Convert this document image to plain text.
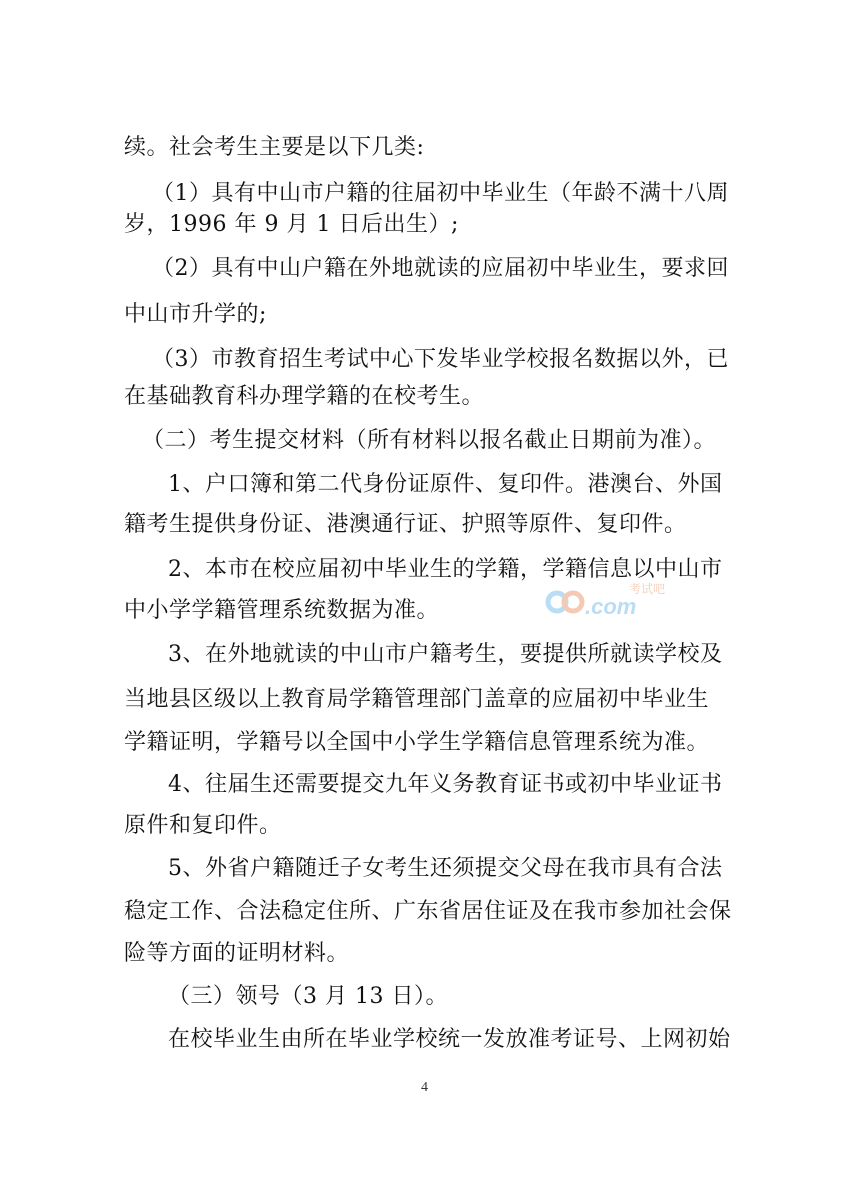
续。社会考生主要是以下几类:
（1）具有中山市户籍的往届初中毕业生（年龄不满十八周
岁，1996 年 9 月 1 日后出生）;
（2）具有中山户籍在外地就读的应届初中毕业生，要求回
中山市升学的;
（3）市教育招生考试中心下发毕业学校报名数据以外，已
在基础教育科办理学籍的在校考生。
（二）考生提交材料（所有材料以报名截止日期前为准）。
1、户口簿和第二代身份证原件、复印件。港澳台、外国
籍考生提供身份证、港澳通行证、护照等原件、复印件。
2、本市在校应届初中毕业生的学籍，学籍信息以中山市
中小学学籍管理系统数据为准。
3、在外地就读的中山市户籍考生，要提供所就读学校及
当地县区级以上教育局学籍管理部门盖章的应届初中毕业生
学籍证明，学籍号以全国中小学生学籍信息管理系统为准。
4、往届生还需要提交九年义务教育证书或初中毕业证书
原件和复印件。
5、外省户籍随迁子女考生还须提交父母在我市具有合法
稳定工作、合法稳定住所、广东省居住证及在我市参加社会保
险等方面的证明材料。
（三）领号（3 月 13 日）。
在校毕业生由所在毕业学校统一发放准考证号、上网初始
4
考试吧
.com
